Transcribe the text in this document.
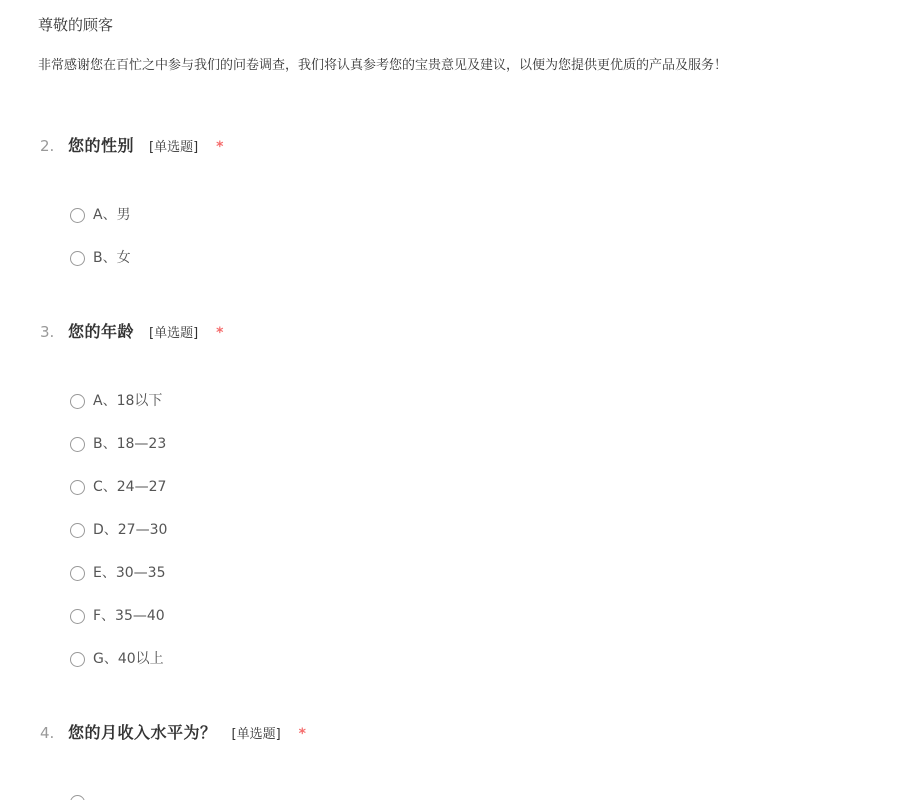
尊敬的顾客
非常感谢您在百忙之中参与我们的问卷调查，我们将认真参考您的宝贵意见及建议，以便为您提供更优质的产品及服务！
2. 您的性别 [单选题] *
A、男
B、女
3. 您的年龄 [单选题] *
A、18以下
B、18—23
C、24—27
D、27—30
E、30—35
F、35—40
G、40以上
4. 您的月收入水平为？ [单选题] *
